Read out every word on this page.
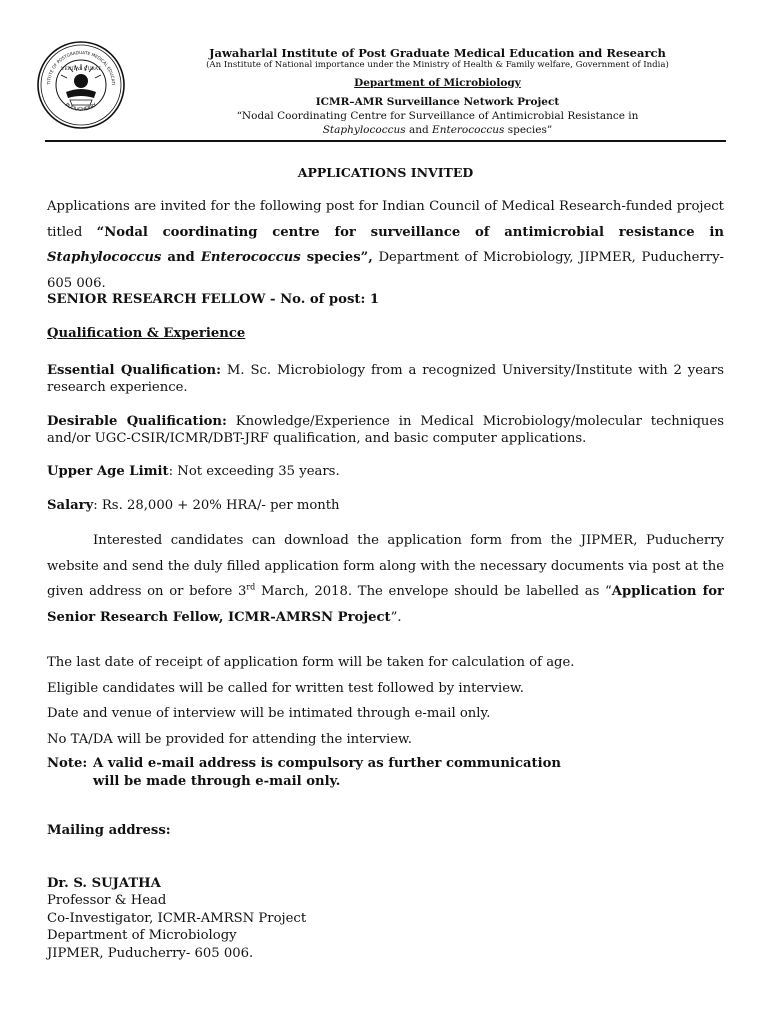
TITUTE OF POSTGRADUATE MEDICAL EDUCATI
PUDUCHERRY
VERITAS CURAT
Jawaharlal Institute of Post Graduate Medical Education and Research
(An Institute of National importance under the Ministry of Health & Family welfare, Government of India)
Department of Microbiology
ICMR–AMR Surveillance Network Project
“Nodal Coordinating Centre for Surveillance of Antimicrobial Resistance in
Staphylococcus and Enterococcus species”
APPLICATIONS INVITED
Applications are invited for the following post for Indian Council of Medical Research-funded project titled “Nodal coordinating centre for surveillance of antimicrobial resistance in Staphylococcus and Enterococcus species”, Department of Microbiology, JIPMER, Puducherry-605 006.
SENIOR RESEARCH FELLOW - No. of post: 1
Qualification & Experience
Essential Qualification: M. Sc. Microbiology from a recognized University/Institute with 2 years research experience.
Desirable Qualification: Knowledge/Experience in Medical Microbiology/molecular techniques and/or UGC-CSIR/ICMR/DBT-JRF qualification, and basic computer applications.
Upper Age Limit: Not exceeding 35 years.
Salary: Rs. 28,000 + 20% HRA/- per month
Interested candidates can download the application form from the JIPMER, Puducherry website and send the duly filled application form along with the necessary documents via post at the given address on or before 3rd March, 2018. The envelope should be labelled as “Application for Senior Research Fellow, ICMR-AMRSN Project”.
The last date of receipt of application form will be taken for calculation of age.
Eligible candidates will be called for written test followed by interview.
Date and venue of interview will be intimated through e-mail only.
No TA/DA will be provided for attending the interview.
Note: A valid e-mail address is compulsory as further communication
will be made through e-mail only.
Mailing address:
Dr. S. SUJATHA
Professor & Head
Co-Investigator, ICMR-AMRSN Project
Department of Microbiology
JIPMER, Puducherry- 605 006.
